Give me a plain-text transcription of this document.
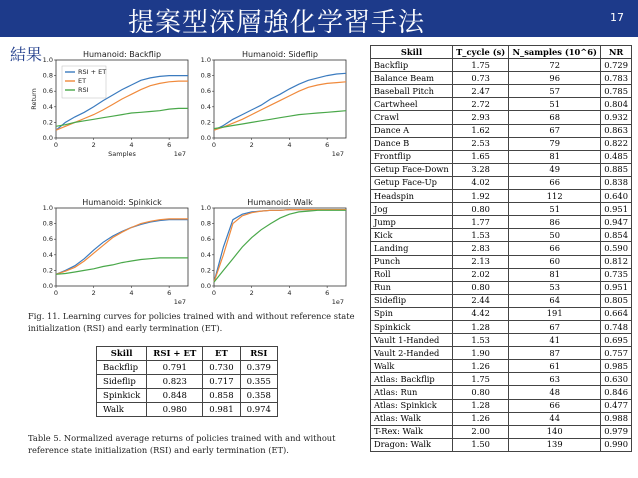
提案型深層強化学習手法	17
結果	Humanoid: Backflip
0.0
0.2
0.4
0.6
0.8
1.0
0	2	4	6
1e7
Return
Samples
RSI + ET
ET
RSI
Humanoid: Sideflip
0.0
0.2
0.4
0.6
0.8
1.0
0	2	4	6
1e7
Humanoid: Spinkick
0.0
0.2
0.4
0.6
0.8
1.0
0	2	4	6
1e7
Humanoid: Walk
0.0
0.2
0.4
0.6
0.8
1.0
0	2	4	6
1e7
Fig. 11. Learning curves for policies trained with and without reference state initialization (RSI) and early termination (ET).
Skill	RSI + ET	ET	RSI
Backflip	0.791	0.730	0.379
Sideflip	0.823	0.717	0.355
Spinkick	0.848	0.858	0.358
Walk	0.980	0.981	0.974
Table 5. Normalized average returns of policies trained with and without reference state initialization (RSI) and early termination (ET).
Skill	T_cycle (s)	N_samples (10^6)	NR
Backflip	1.75	72	0.729
Balance Beam	0.73	96	0.783
Baseball Pitch	2.47	57	0.785
Cartwheel	2.72	51	0.804
Crawl	2.93	68	0.932
Dance A	1.62	67	0.863
Dance B	2.53	79	0.822
Frontflip	1.65	81	0.485
Getup Face-Down	3.28	49	0.885
Getup Face-Up	4.02	66	0.838
Headspin	1.92	112	0.640
Jog	0.80	51	0.951
Jump	1.77	86	0.947
Kick	1.53	50	0.854
Landing	2.83	66	0.590
Punch	2.13	60	0.812
Roll	2.02	81	0.735
Run	0.80	53	0.951
Sideflip	2.44	64	0.805
Spin	4.42	191	0.664
Spinkick	1.28	67	0.748
Vault 1-Handed	1.53	41	0.695
Vault 2-Handed	1.90	87	0.757
Walk	1.26	61	0.985
Atlas: Backflip	1.75	63	0.630
Atlas: Run	0.80	48	0.846
Atlas: Spinkick	1.28	66	0.477
Atlas: Walk	1.26	44	0.988
T-Rex: Walk	2.00	140	0.979
Dragon: Walk	1.50	139	0.990
